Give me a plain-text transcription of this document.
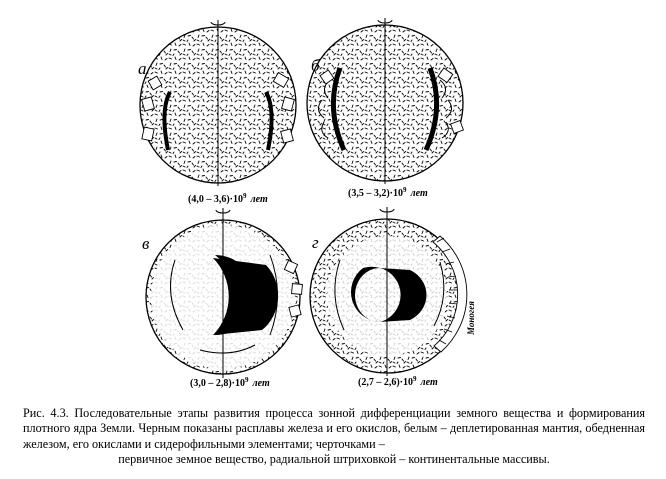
а
$(4,0 - 3,6)\cdot 10^9$ лет
б
$(3,5 - 3,2)\cdot 10^9$ лет
в
$(3,0 - 2,8)\cdot 10^9$ лет
г
Моногея
$(2,7 - 2,6)\cdot 10^9$ лет
Рис. 4.3. Последовательные этапы развития процесса зонной дифференциации земного вещества и формирования плотного ядра Земли. Черным показаны расплавы железа и его окислов, белым – деплетированная мантия, обедненная железом, его окислами и сидерофильными элементами; черточками –
первичное земное вещество, радиальной штриховкой – континентальные массивы.
